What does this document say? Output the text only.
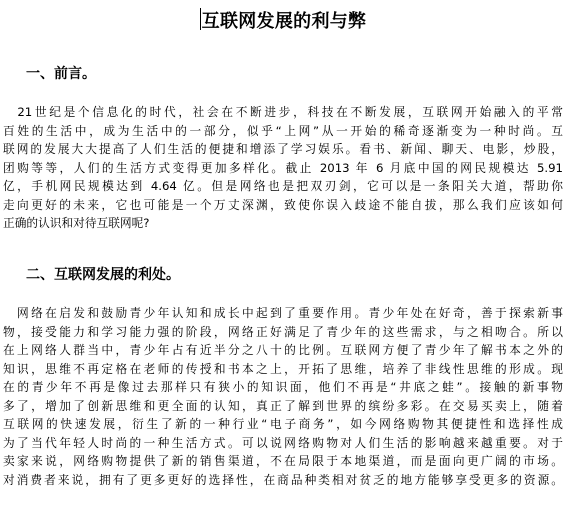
互联网发展的利与弊
一、前言。
　21世纪是个信息化的时代，社会在不断进步，科技在不断发展，互联网开始融入的平常
百姓的生活中，成为生活中的一部分，似乎“上网”从一开始的稀奇逐渐变为一种时尚。互
联网的发展大大提高了人们生活的便捷和增添了学习娱乐。看书、新闻、聊天、电影，炒股，
团购等等，人们的生活方式变得更加多样化。截止 2013 年 6 月底中国的网民规模达 5.91
亿，手机网民规模达到 4.64 亿。但是网络也是把双刃剑，它可以是一条阳关大道，帮助你
走向更好的未来，它也可能是一个万丈深渊，致使你误入歧途不能自拔，那么我们应该如何
正确的认识和对待互联网呢?
二、互联网发展的利处。
　网络在启发和鼓励青少年认知和成长中起到了重要作用。青少年处在好奇，善于探索新事
物，接受能力和学习能力强的阶段，网络正好满足了青少年的这些需求，与之相吻合。所以
在上网络人群当中，青少年占有近半分之八十的比例。互联网方便了青少年了解书本之外的
知识，思维不再定格在老师的传授和书本之上，开拓了思维，培养了非线性思维的形成。现
在的青少年不再是像过去那样只有狭小的知识面，他们不再是“井底之蛙”。接触的新事物
多了，增加了创新思维和更全面的认知，真正了解到世界的缤纷多彩。在交易买卖上，随着
互联网的快速发展，衍生了新的一种行业“电子商务”，如今网络购物其便捷性和选择性成
为了当代年轻人时尚的一种生活方式。可以说网络购物对人们生活的影响越来越重要。对于
卖家来说，网络购物提供了新的销售渠道，不在局限于本地渠道，而是面向更广阔的市场。
对消费者来说，拥有了更多更好的选择性，在商品种类相对贫乏的地方能够享受更多的资源。
